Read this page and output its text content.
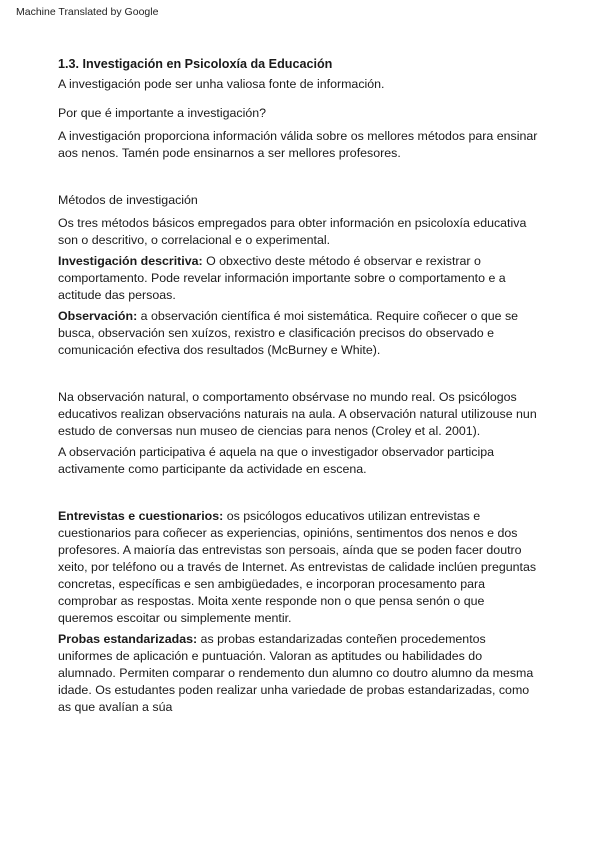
Machine Translated by Google

1.3. Investigación en Psicoloxía da Educación

A investigación pode ser unha valiosa fonte de información.

Por que é importante a investigación?

A investigación proporciona información válida sobre os mellores métodos para ensinar aos nenos. Tamén pode ensinarnos a ser mellores profesores.

Métodos de investigación

Os tres métodos básicos empregados para obter información en psicoloxía educativa son o descritivo, o correlacional e o experimental.

Investigación descritiva: O obxectivo deste método é observar e rexistrar o comportamento. Pode revelar información importante sobre o comportamento e a actitude das persoas.

Observación: a observación científica é moi sistemática. Require coñecer o que se busca, observación sen xuízos, rexistro e clasificación precisos do observado e comunicación efectiva dos resultados (McBurney e White).

Na observación natural, o comportamento obsérvase no mundo real. Os psicólogos educativos realizan observacións naturais na aula. A observación natural utilizouse nun estudo de conversas nun museo de ciencias para nenos (Croley et al. 2001).

A observación participativa é aquela na que o investigador observador participa activamente como participante da actividade en escena.

Entrevistas e cuestionarios: os psicólogos educativos utilizan entrevistas e cuestionarios para coñecer as experiencias, opinións, sentimentos dos nenos e dos profesores. A maioría das entrevistas son persoais, aínda que se poden facer doutro xeito, por teléfono ou a través de Internet. As entrevistas de calidade inclúen preguntas concretas, específicas e sen ambigüedades, e incorporan procesamento para comprobar as respostas. Moita xente responde non o que pensa senón o que queremos escoitar ou simplemente mentir.

Probas estandarizadas: as probas estandarizadas conteñen procedementos uniformes de aplicación e puntuación. Valoran as aptitudes ou habilidades do alumnado. Permiten comparar o rendemento dun alumno co doutro alumno da mesma idade. Os estudantes poden realizar unha variedade de probas estandarizadas, como as que avalían a súa
